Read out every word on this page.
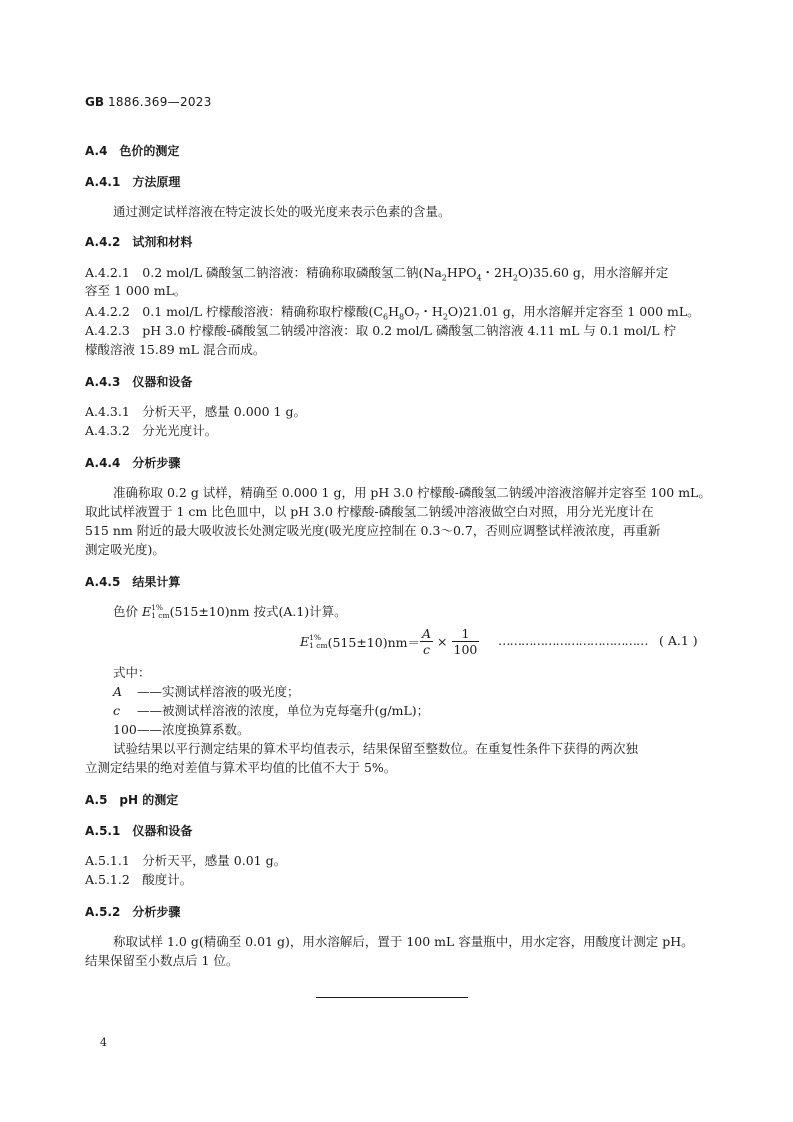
GB 1886.369—2023
A.4　色价的测定
A.4.1　方法原理
通过测定试样溶液在特定波长处的吸光度来表示色素的含量。
A.4.2　试剂和材料
A.4.2.1　0.2 mol/L 磷酸氢二钠溶液：精确称取磷酸氢二钠($Na_2HPO_4$・$2H_2O)35.60$ g，用水溶解并定
容至 1 000 mL。
A.4.2.2　0.1 mol/L 柠檬酸溶液：精确称取柠檬酸($C_6H_8O_7$・$H_2O)21.01$ g，用水溶解并定容至 1 000 mL。
A.4.2.3　pH 3.0 柠檬酸-磷酸氢二钠缓冲溶液：取 0.2 mol/L 磷酸氢二钠溶液 4.11 mL 与 0.1 mol/L 柠
檬酸溶液 15.89 mL 混合而成。
A.4.3　仪器和设备
A.4.3.1　分析天平，感量 0.000 1 g。
A.4.3.2　分光光度计。
A.4.4　分析步骤
准确称取 0.2 g 试样，精确至 0.000 1 g，用 pH 3.0 柠檬酸-磷酸氢二钠缓冲溶液溶解并定容至 100 mL。
取此试样液置于 1 cm 比色皿中，以 pH 3.0 柠檬酸-磷酸氢二钠缓冲溶液做空白对照，用分光光度计在
515 nm 附近的最大吸收波长处测定吸光度(吸光度应控制在 0.3～0.7，否则应调整试样液浓度，再重新
测定吸光度)。
A.4.5　结果计算
色价 E 1%
1 cm (515±10)nm 按式(A.1)计算。
E 1%
1 cm $(515\pm 10)nm= \frac{A}{c} \times \frac{1}{100}$ ………………………………… ( A.1 )
式中：
A ——实测试样溶液的吸光度；
c ——被测试样溶液的浓度，单位为克每毫升(g/mL)；
100——浓度换算系数。
试验结果以平行测定结果的算术平均值表示，结果保留至整数位。在重复性条件下获得的两次独
立测定结果的绝对差值与算术平均值的比值不大于 5%。
A.5　pH 的测定
A.5.1　仪器和设备
A.5.1.1　分析天平，感量 0.01 g。
A.5.1.2　酸度计。
A.5.2　分析步骤
称取试样 1.0 g(精确至 0.01 g)，用水溶解后，置于 100 mL 容量瓶中，用水定容，用酸度计测定 pH。
结果保留至小数点后 1 位。
4
